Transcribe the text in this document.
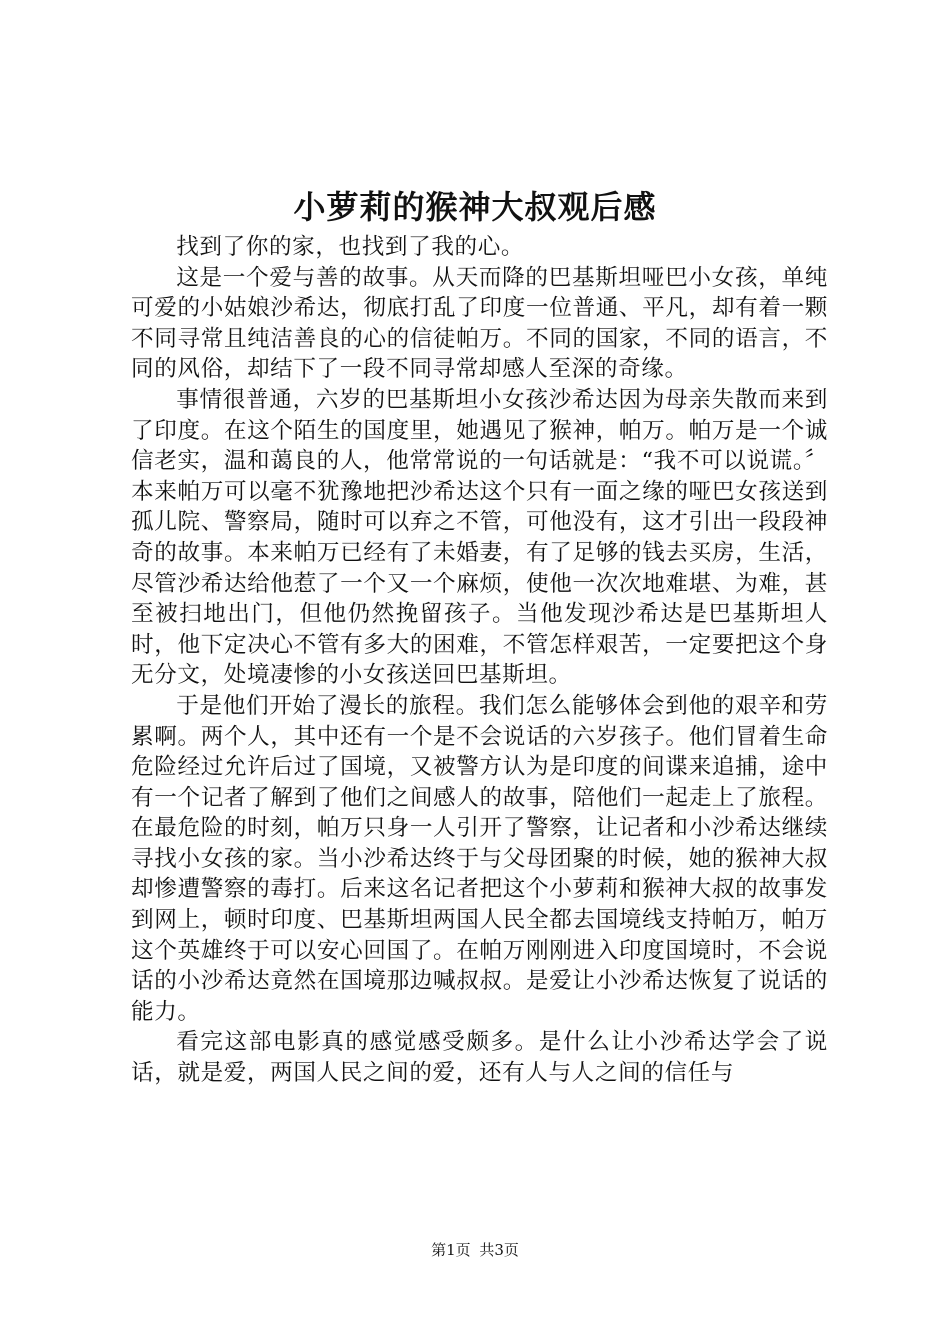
小萝莉的猴神大叔观后感

找到了你的家，也找到了我的心。

这是一个爱与善的故事。从天而降的巴基斯坦哑巴小女孩，单纯可爱的小姑娘沙希达，彻底打乱了印度一位普通、平凡，却有着一颗不同寻常且纯洁善良的心的信徒帕万。不同的国家，不同的语言，不同的风俗，却结下了一段不同寻常却感人至深的奇缘。

事情很普通，六岁的巴基斯坦小女孩沙希达因为母亲失散而来到了印度。在这个陌生的国度里，她遇见了猴神，帕万。帕万是一个诚信老实，温和蔼良的人，他常常说的一句话就是：“我不可以说谎。〞本来帕万可以毫不犹豫地把沙希达这个只有一面之缘的哑巴女孩送到孤儿院、警察局，随时可以弃之不管，可他没有，这才引出一段段神奇的故事。本来帕万已经有了未婚妻，有了足够的钱去买房，生活，尽管沙希达给他惹了一个又一个麻烦，使他一次次地难堪、为难，甚至被扫地出门，但他仍然挽留孩子。当他发现沙希达是巴基斯坦人时，他下定决心不管有多大的困难，不管怎样艰苦，一定要把这个身无分文，处境凄惨的小女孩送回巴基斯坦。

于是他们开始了漫长的旅程。我们怎么能够体会到他的艰辛和劳累啊。两个人，其中还有一个是不会说话的六岁孩子。他们冒着生命危险经过允许后过了国境，又被警方认为是印度的间谍来追捕，途中有一个记者了解到了他们之间感人的故事，陪他们一起走上了旅程。在最危险的时刻，帕万只身一人引开了警察，让记者和小沙希达继续寻找小女孩的家。当小沙希达终于与父母团聚的时候，她的猴神大叔却惨遭警察的毒打。后来这名记者把这个小萝莉和猴神大叔的故事发到网上，顿时印度、巴基斯坦两国人民全都去国境线支持帕万，帕万这个英雄终于可以安心回国了。在帕万刚刚进入印度国境时，不会说话的小沙希达竟然在国境那边喊叔叔。是爱让小沙希达恢复了说话的能力。

看完这部电影真的感觉感受颇多。是什么让小沙希达学会了说话，就是爱，两国人民之间的爱，还有人与人之间的信任与

第1页 共3页
